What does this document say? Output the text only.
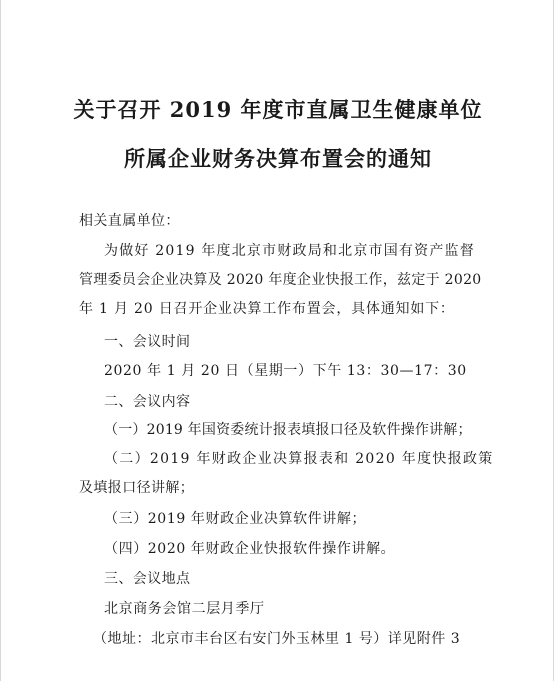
关于召开 2019 年度市直属卫生健康单位
所属企业财务决算布置会的通知
相关直属单位：
为做好 2019 年度北京市财政局和北京市国有资产监督
管理委员会企业决算及 2020 年度企业快报工作，兹定于 2020
年 1 月 20 日召开企业决算工作布置会，具体通知如下：
一、会议时间
2020 年 1 月 20 日（星期一）下午 13：30—17：30
二、会议内容
（一）2019 年国资委统计报表填报口径及软件操作讲解；
（二）2019 年财政企业决算报表和 2020 年度快报政策
及填报口径讲解；
（三）2019 年财政企业决算软件讲解；
（四）2020 年财政企业快报软件操作讲解。
三、会议地点
北京商务会馆二层月季厅
（地址：北京市丰台区右安门外玉林里 1 号）详见附件 3
